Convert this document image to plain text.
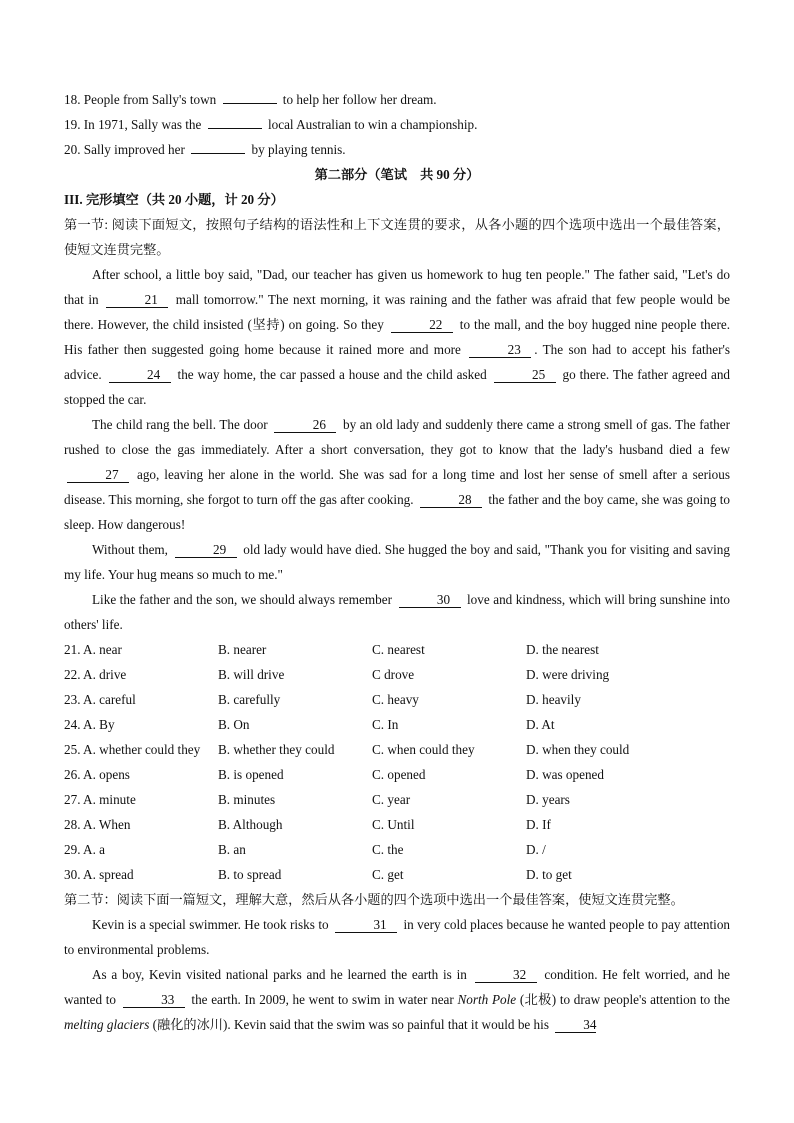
18. People from Sally's town	to help her follow her dream.
19. In 1971, Sally was the	local Australian to win a championship.
20. Sally improved her	by playing tennis.
第二部分（笔试　共 90 分）
III. 完形填空（共 20 小题，计 20 分）
第一节: 阅读下面短文，按照句子结构的语法性和上下文连贯的要求，从各小题的四个选项中选出一个最佳答案，使短文连贯完整。
After school, a little boy said, "Dad, our teacher has given us homework to hug ten people." The father said, "Let's do that in	21 mall tomorrow." The next morning, it was raining and the father was afraid that few people would be there. However, the child insisted (坚持) on going. So they	22 to the mall, and the boy hugged nine people there. His father then suggested going home because it rained more and more	23 . The son had to accept his father's advice.	24 the way home, the car passed a house and the child asked	25 go there. The father agreed and stopped the car.
The child rang the bell. The door	26 by an old lady and suddenly there came a strong smell of gas. The father rushed to close the gas immediately. After a short conversation, they got to know that the lady's husband died a few 27 ago, leaving her alone in the world. She was sad for a long time and lost her sense of smell after a serious disease. This morning, she forgot to turn off the gas after cooking.	28 the father and the boy came, she was going to sleep. How dangerous!
Without them,	29 old lady would have died. She hugged the boy and said, "Thank you for visiting and saving my life. Your hug means so much to me."
Like the father and the son, we should always remember	30 love and kindness, which will bring sunshine into others' life.
21. A. near	B. nearer	C. nearest	D. the nearest
22. A. drive	B. will drive	C drove	D. were driving
23. A. careful	B. carefully	C. heavy	D. heavily
24. A. By	B. On	C. In	D. At
25. A. whether could they	B. whether they could	C. when could they	D. when they could
26. A. opens	B. is opened	C. opened	D. was opened
27. A. minute	B. minutes	C. year	D. years
28. A. When	B. Although	C. Until	D. If
29. A. a	B. an	C. the	D. /
30. A. spread	B. to spread	C. get	D. to get
第二节：阅读下面一篇短文，理解大意，然后从各小题的四个选项中选出一个最佳答案，使短文连贯完整。
Kevin is a special swimmer. He took risks to	31 in very cold places because he wanted people to pay attention to environmental problems.
As a boy, Kevin visited national parks and he learned the earth is in	32 condition. He felt worried, and he wanted to	33 the earth. In 2009, he went to swim in water near North Pole (北极) to draw people's attention to the melting glaciers (融化的冰川). Kevin said that the swim was so painful that it would be his	34
